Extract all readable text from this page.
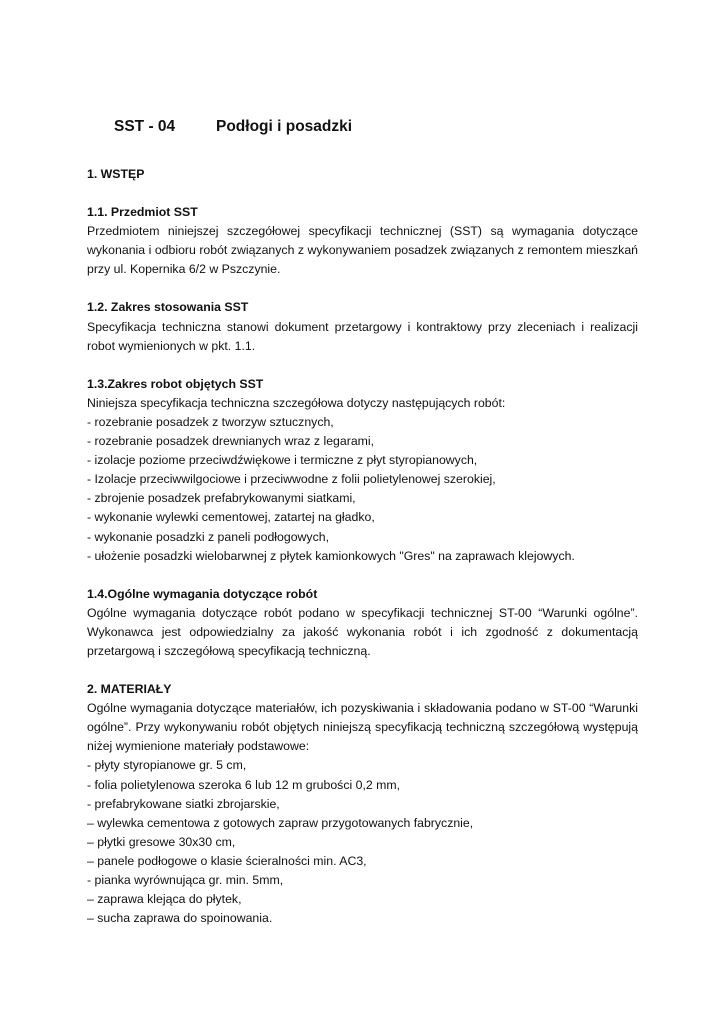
SST - 04	Podłogi i posadzki

1. WSTĘP

1.1. Przedmiot SST

Przedmiotem niniejszej szczegółowej specyfikacji technicznej (SST) są wymagania dotyczące wykonania i odbioru robót związanych z wykonywaniem posadzek związanych z remontem mieszkań przy ul. Kopernika 6/2 w Pszczynie.

1.2. Zakres stosowania SST

Specyfikacja techniczna stanowi dokument przetargowy i kontraktowy przy zleceniach i realizacji robot wymienionych w pkt. 1.1.

1.3.Zakres robot objętych SST

Niniejsza specyfikacja techniczna szczegółowa dotyczy następujących robót:

- rozebranie posadzek z tworzyw sztucznych,
- rozebranie posadzek drewnianych wraz z legarami,
- izolacje poziome przeciwdźwiękowe i termiczne z płyt styropianowych,
- Izolacje przeciwwilgociowe i przeciwwodne z folii polietylenowej szerokiej,
- zbrojenie posadzek prefabrykowanymi siatkami,
- wykonanie wylewki cementowej, zatartej na gładko,
- wykonanie posadzki z paneli podłogowych,
- ułożenie posadzki wielobarwnej z płytek kamionkowych "Gres" na zaprawach klejowych.

1.4.Ogólne wymagania dotyczące robót

Ogólne wymagania dotyczące robót podano w specyfikacji technicznej ST-00 “Warunki ogólne”. Wykonawca jest odpowiedzialny za jakość wykonania robót i ich zgodność z dokumentacją przetargową i szczegółową specyfikacją techniczną.

2. MATERIAŁY

Ogólne wymagania dotyczące materiałów, ich pozyskiwania i składowania podano w ST-00 “Warunki ogólne”. Przy wykonywaniu robót objętych niniejszą specyfikacją techniczną szczegółową występują niżej wymienione materiały podstawowe:

- płyty styropianowe gr. 5 cm,
- folia polietylenowa szeroka 6 lub 12 m grubości 0,2 mm,
- prefabrykowane siatki zbrojarskie,
– wylewka cementowa z gotowych zapraw przygotowanych fabrycznie,
– płytki gresowe 30x30 cm,
– panele podłogowe o klasie ścieralności min. AC3,
- pianka wyrównująca gr. min. 5mm,
– zaprawa klejąca do płytek,
– sucha zaprawa do spoinowania.
